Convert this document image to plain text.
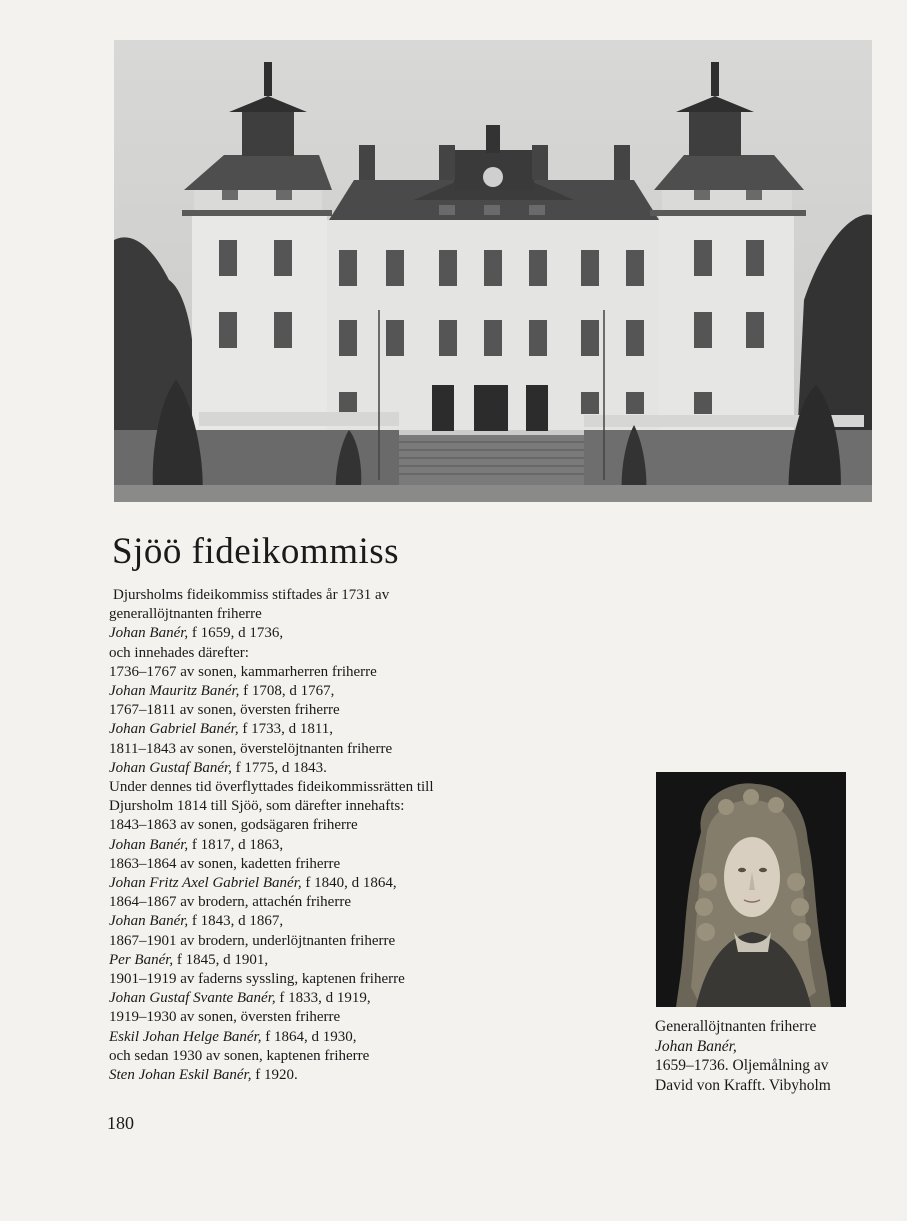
Sjöö fideikommiss
Djursholms fideikommiss stiftades år 1731 av
generallöjtnanten friherre
Johan Banér, f 1659, d 1736,
och innehades därefter:
1736–1767 av sonen, kammarherren friherre
Johan Mauritz Banér, f 1708, d 1767,
1767–1811 av sonen, översten friherre
Johan Gabriel Banér, f 1733, d 1811,
1811–1843 av sonen, överstelöjtnanten friherre
Johan Gustaf Banér, f 1775, d 1843.
Under dennes tid överflyttades fideikommissrätten till
Djursholm 1814 till Sjöö, som därefter innehafts:
1843–1863 av sonen, godsägaren friherre
Johan Banér, f 1817, d 1863,
1863–1864 av sonen, kadetten friherre
Johan Fritz Axel Gabriel Banér, f 1840, d 1864,
1864–1867 av brodern, attachén friherre
Johan Banér, f 1843, d 1867,
1867–1901 av brodern, underlöjtnanten friherre
Per Banér, f 1845, d 1901,
1901–1919 av faderns syssling, kaptenen friherre
Johan Gustaf Svante Banér, f 1833, d 1919,
1919–1930 av sonen, översten friherre
Eskil Johan Helge Banér, f 1864, d 1930,
och sedan 1930 av sonen, kaptenen friherre
Sten Johan Eskil Banér, f 1920.
180
Generallöjtnanten friherre
Johan Banér,
1659–1736. Oljemålning av
David von Krafft. Vibyholm
